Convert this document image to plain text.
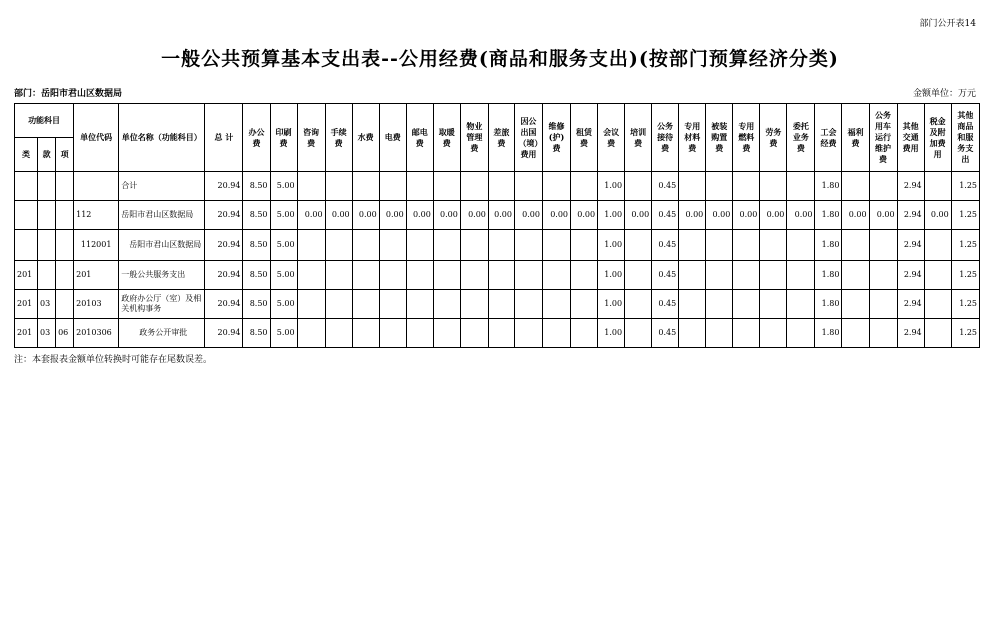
部门公开表14
一般公共预算基本支出表--公用经费(商品和服务支出)(按部门预算经济分类)
部门：岳阳市君山区数据局	金额单位：万元
功能科目			单位代码	单位名称（功能科目）	总 计	办公费	印刷费	咨询费	手续费	水费	电费	邮电费	取暖费	物业管理费	差旅费	因公出国（境）费用	维修(护)费	租赁费	会议费	培训费	公务接待费	专用材料费	被装购置费	专用燃料费	劳务费	委托业务费	工会经费	福利费	公务用车运行维护费	其他交通费用	税金及附加费用	其他商品和服务支出
类	款	项																														
				合计	20.94	8.50	5.00												1.00		0.45						1.80			2.94		1.25
			112	岳阳市君山区数据局	20.94	8.50	5.00	0.00	0.00	0.00	0.00	0.00	0.00	0.00	0.00	0.00	0.00	0.00	1.00	0.00	0.45	0.00	0.00	0.00	0.00	0.00	1.80	0.00	0.00	2.94	0.00	1.25
			112001	岳阳市君山区数据局	20.94	8.50	5.00												1.00		0.45						1.80			2.94		1.25
201			201	一般公共服务支出	20.94	8.50	5.00												1.00		0.45						1.80			2.94		1.25
201	03		20103	政府办公厅（室）及相关机构事务	20.94	8.50	5.00												1.00		0.45						1.80			2.94		1.25
201	03	06	2010306	政务公开审批	20.94	8.50	5.00												1.00		0.45						1.80			2.94		1.25
注：本套报表金额单位转换时可能存在尾数误差。
